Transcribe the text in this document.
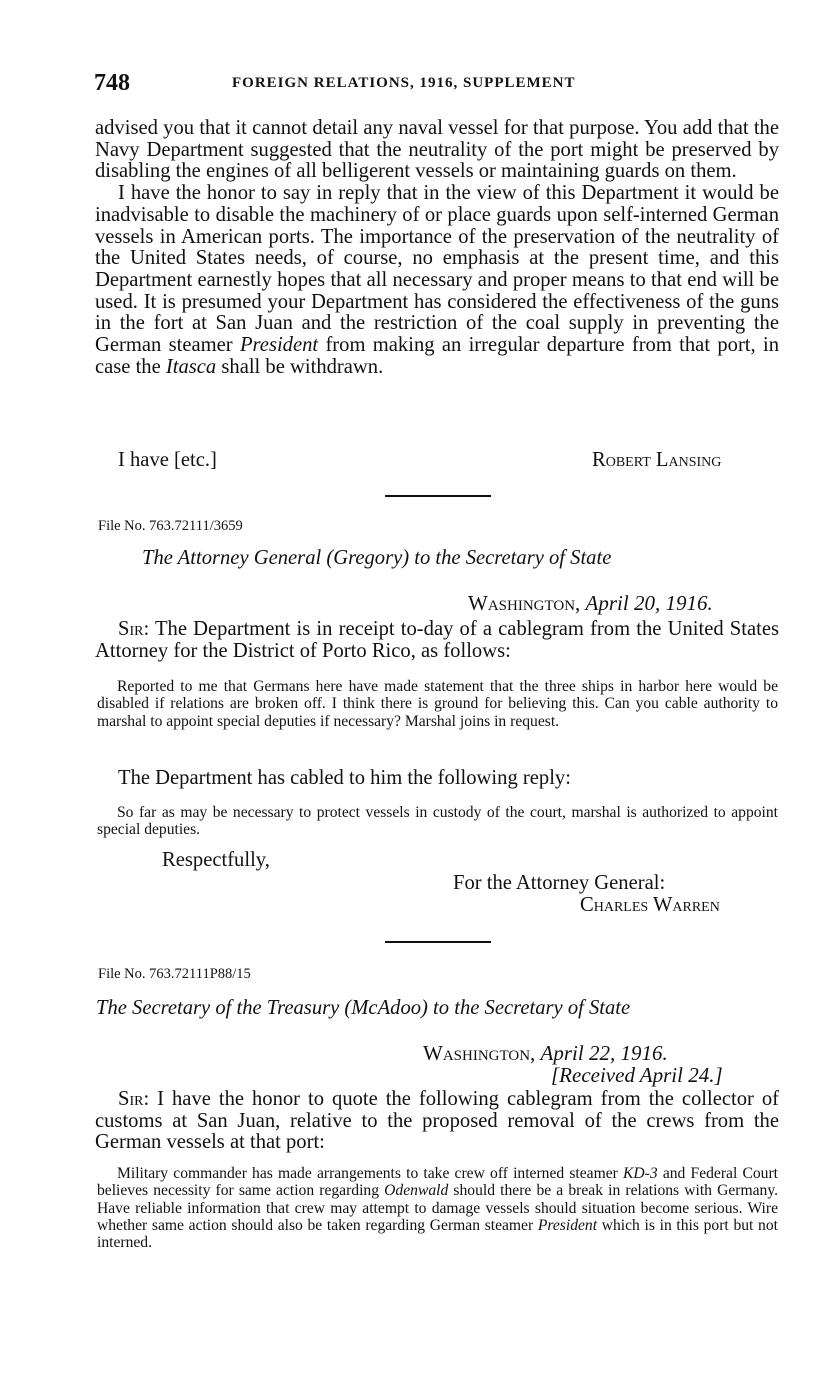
748	FOREIGN RELATIONS, 1916, SUPPLEMENT

advised you that it cannot detail any naval vessel for that purpose. You add that the Navy Department suggested that the neutrality of the port might be preserved by disabling the engines of all belligerent vessels or maintaining guards on them.

I have the honor to say in reply that in the view of this Department it would be inadvisable to disable the machinery of or place guards upon self-interned German vessels in American ports. The importance of the preservation of the neutrality of the United States needs, of course, no emphasis at the present time, and this Department earnestly hopes that all necessary and proper means to that end will be used. It is presumed your Department has considered the effectiveness of the guns in the fort at San Juan and the restriction of the coal supply in preventing the German steamer President from making an irregular departure from that port, in case the Itasca shall be withdrawn.

I have [etc.]	Robert Lansing
File No. 763.72111/3659
The Attorney General (Gregory) to the Secretary of State
Washington, April 20, 1916.

Sir: The Department is in receipt to-day of a cablegram from the United States Attorney for the District of Porto Rico, as follows:

Reported to me that Germans here have made statement that the three ships in harbor here would be disabled if relations are broken off. I think there is ground for believing this. Can you cable authority to marshal to appoint special deputies if necessary? Marshal joins in request.

The Department has cabled to him the following reply:

So far as may be necessary to protect vessels in custody of the court, marshal is authorized to appoint special deputies.

Respectfully,
For the Attorney General:
Charles Warren
File No. 763.72111P88/15
The Secretary of the Treasury (McAdoo) to the Secretary of State
Washington, April 22, 1916.
[Received April 24.]

Sir: I have the honor to quote the following cablegram from the collector of customs at San Juan, relative to the proposed removal of the crews from the German vessels at that port:

Military commander has made arrangements to take crew off interned steamer KD-3 and Federal Court believes necessity for same action regarding Odenwald should there be a break in relations with Germany. Have reliable information that crew may attempt to damage vessels should situation become serious. Wire whether same action should also be taken regarding German steamer President which is in this port but not interned.
